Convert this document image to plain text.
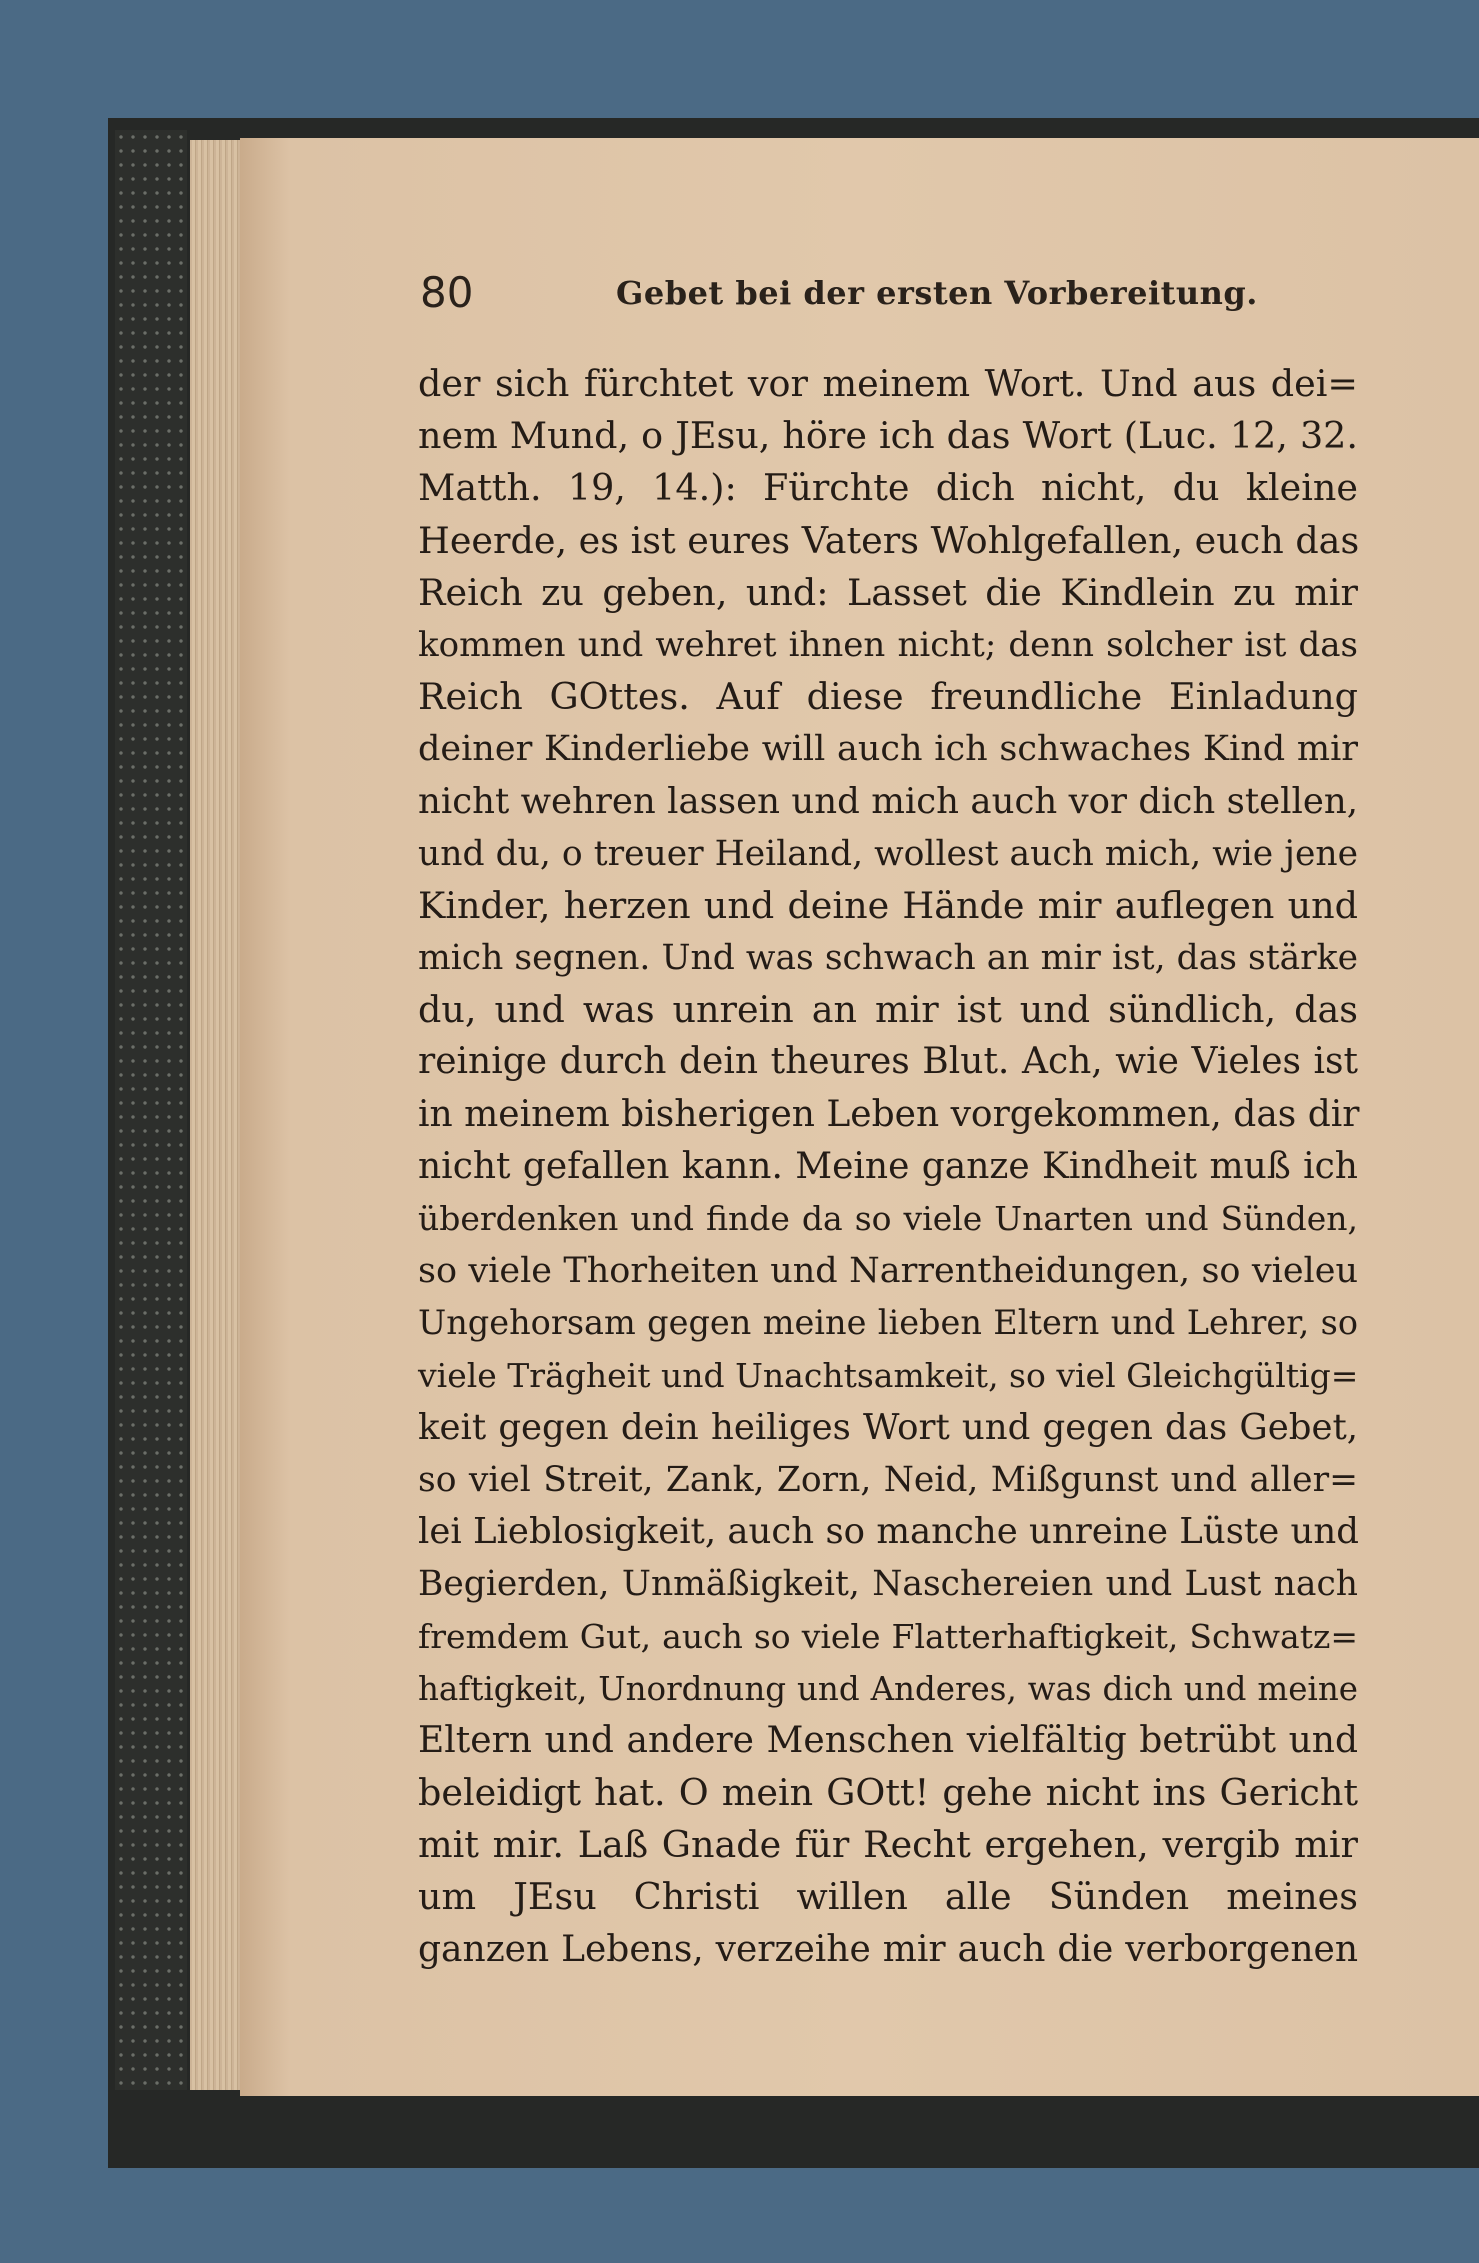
80	Gebet bei der ersten Vorbereitung.
der sich fürchtet vor meinem Wort. Und aus dei=
nem Mund, o JEsu, höre ich das Wort (Luc. 12, 32.
Matth. 19, 14.): Fürchte dich nicht, du kleine
Heerde, es ist eures Vaters Wohlgefallen, euch das
Reich zu geben, und: Lasset die Kindlein zu mir
kommen und wehret ihnen nicht; denn solcher ist das
Reich GOttes. Auf diese freundliche Einladung
deiner Kinderliebe will auch ich schwaches Kind mir
nicht wehren lassen und mich auch vor dich stellen,
und du, o treuer Heiland, wollest auch mich, wie jene
Kinder, herzen und deine Hände mir auflegen und
mich segnen. Und was schwach an mir ist, das stärke
du, und was unrein an mir ist und sündlich, das
reinige durch dein theures Blut. Ach, wie Vieles ist
in meinem bisherigen Leben vorgekommen, das dir
nicht gefallen kann. Meine ganze Kindheit muß ich
überdenken und finde da so viele Unarten und Sünden,
so viele Thorheiten und Narrentheidungen, so vieleu
Ungehorsam gegen meine lieben Eltern und Lehrer, so
viele Trägheit und Unachtsamkeit, so viel Gleichgültig=
keit gegen dein heiliges Wort und gegen das Gebet,
so viel Streit, Zank, Zorn, Neid, Mißgunst und aller=
lei Lieblosigkeit, auch so manche unreine Lüste und
Begierden, Unmäßigkeit, Naschereien und Lust nach
fremdem Gut, auch so viele Flatterhaftigkeit, Schwatz=
haftigkeit, Unordnung und Anderes, was dich und meine
Eltern und andere Menschen vielfältig betrübt und
beleidigt hat. O mein GOtt! gehe nicht ins Gericht
mit mir. Laß Gnade für Recht ergehen, vergib mir
um JEsu Christi willen alle Sünden meines
ganzen Lebens, verzeihe mir auch die verborgenen
